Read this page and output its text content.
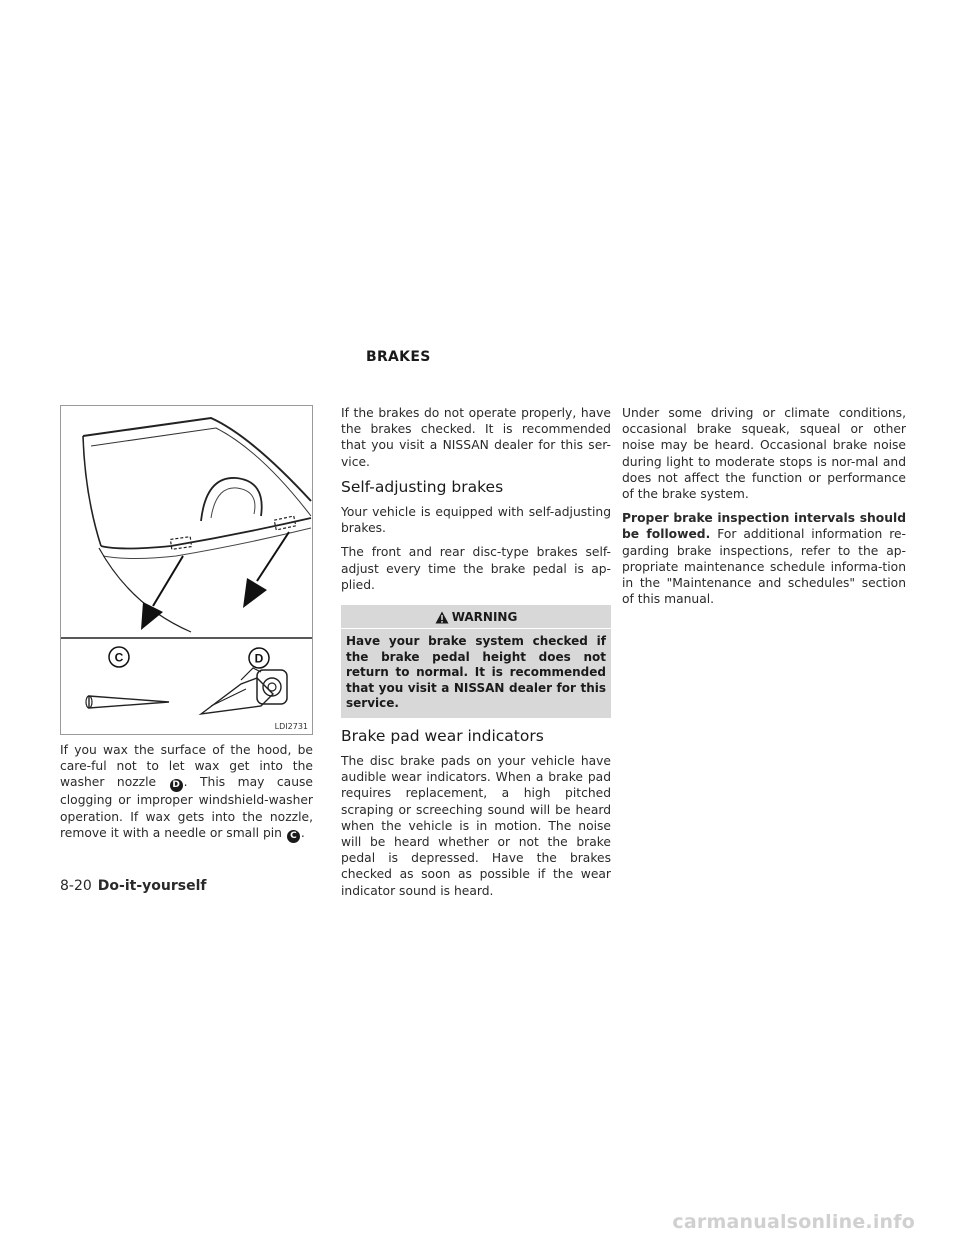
BRAKES
C	D
LDI2731

If you wax the surface of the hood, be care-ful not to let wax get into the washer nozzle D . This may cause clogging or improper windshield-washer operation. If wax gets into the nozzle, remove it with a needle or small pin C .

If the brakes do not operate properly, have the brakes checked. It is recommended that you visit a NISSAN dealer for this ser-vice.

Self-adjusting brakes

Your vehicle is equipped with self-adjusting brakes.

The front and rear disc-type brakes self-adjust every time the brake pedal is ap-plied.

WARNING
Have your brake system checked if the brake pedal height does not return to normal. It is recommended that you visit a NISSAN dealer for this service.
Brake pad wear indicators

The disc brake pads on your vehicle have audible wear indicators. When a brake pad requires replacement, a high pitched scraping or screeching sound will be heard when the vehicle is in motion. The noise will be heard whether or not the brake pedal is depressed. Have the brakes checked as soon as possible if the wear indicator sound is heard.

Under some driving or climate conditions, occasional brake squeak, squeal or other noise may be heard. Occasional brake noise during light to moderate stops is nor-mal and does not affect the function or performance of the brake system.

Proper brake inspection intervals should be followed. For additional information re-garding brake inspections, refer to the ap-propriate maintenance schedule informa-tion in the "Maintenance and schedules" section of this manual.

8-20 Do-it-yourself
carmanualsonline.info
